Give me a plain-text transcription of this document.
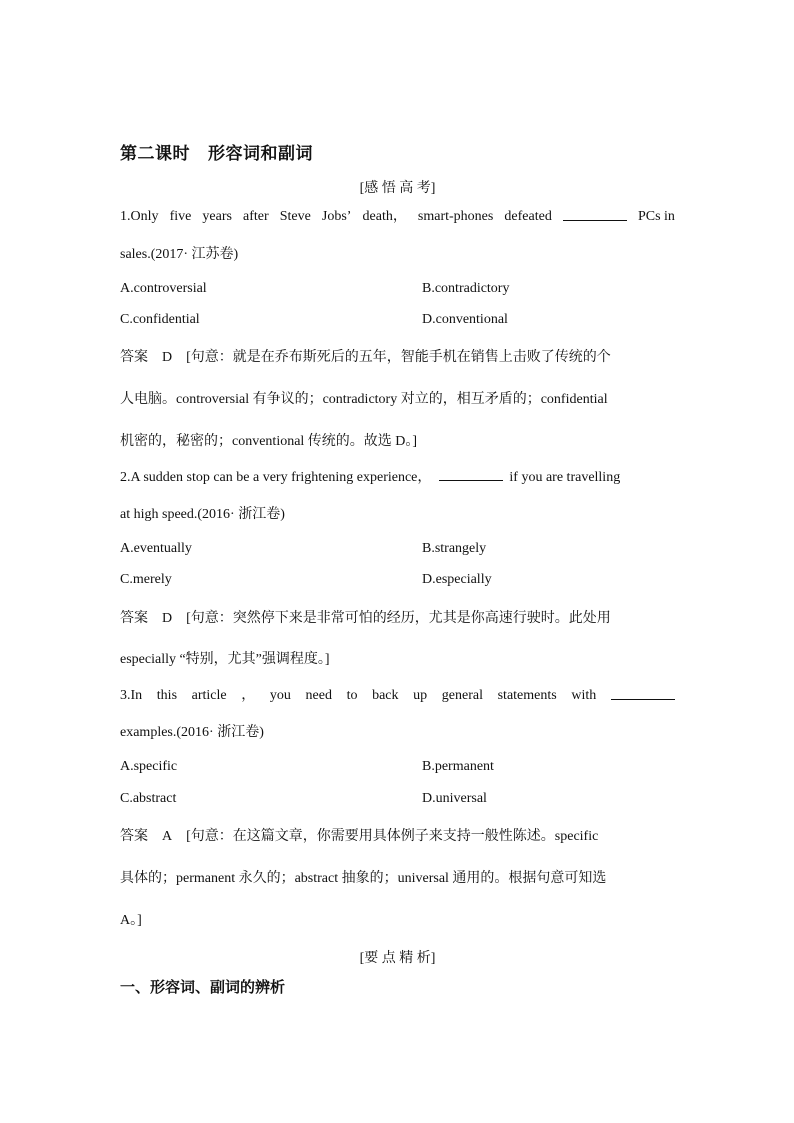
第二课时 形容词和副词
[感 悟 高 考]
1.Only five years after Steve Jobs’ death， smart-phones defeated	PCs in
sales.(2017· 江苏卷)
A.controversial	B.contradictory
C.confidential	D.conventional
答案 D [句意：就是在乔布斯死后的五年，智能手机在销售上击败了传统的个
人电脑。controversial 有争议的；contradictory 对立的，相互矛盾的；confidential
机密的，秘密的；conventional 传统的。故选 D。]
2.A sudden stop can be a very frightening experience，	if you are travelling
at high speed.(2016· 浙江卷)
A.eventually	B.strangely
C.merely	D.especially
答案 D [句意：突然停下来是非常可怕的经历，尤其是你高速行驶时。此处用
especially “特别，尤其”强调程度。]
3.In this article ， you need to back up general statements with
examples.(2016· 浙江卷)
A.specific	B.permanent
C.abstract	D.universal
答案 A [句意：在这篇文章，你需要用具体例子来支持一般性陈述。specific
具体的；permanent 永久的；abstract 抽象的；universal 通用的。根据句意可知选
A。]
[要 点 精 析]
一、形容词、副词的辨析
